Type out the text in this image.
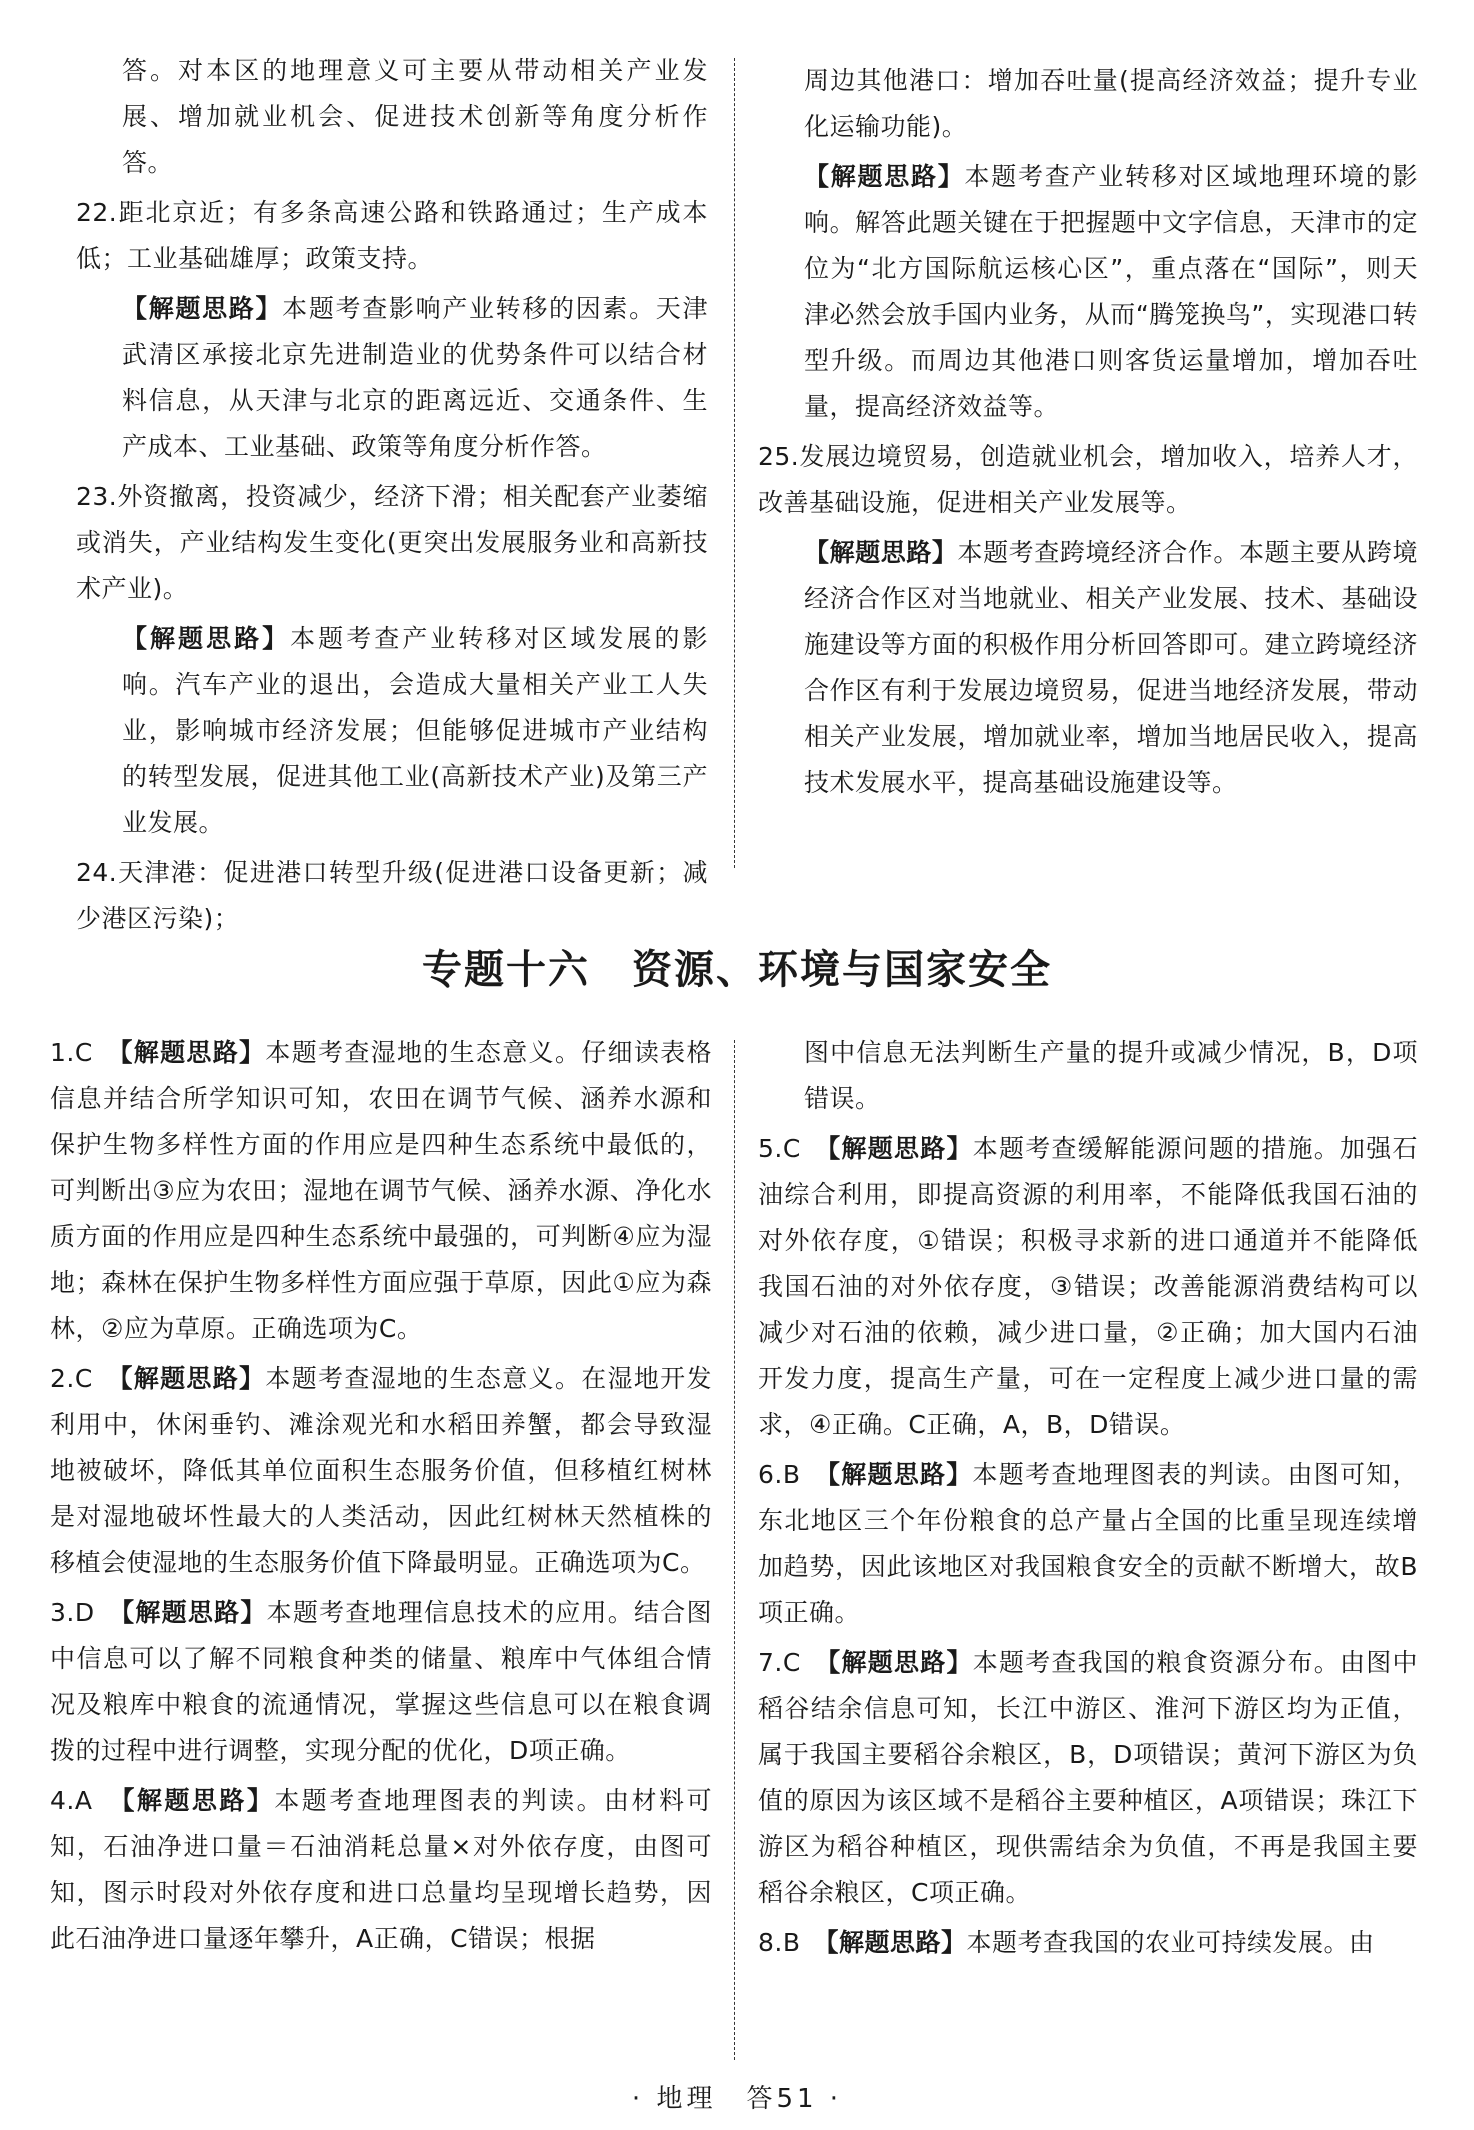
答。对本区的地理意义可主要从带动相关产业发展、增加就业机会、促进技术创新等角度分析作答。

22.距北京近；有多条高速公路和铁路通过；生产成本低；工业基础雄厚；政策支持。

【解题思路】本题考查影响产业转移的因素。天津武清区承接北京先进制造业的优势条件可以结合材料信息，从天津与北京的距离远近、交通条件、生产成本、工业基础、政策等角度分析作答。

23.外资撤离，投资减少，经济下滑；相关配套产业萎缩或消失，产业结构发生变化(更突出发展服务业和高新技术产业)。

【解题思路】本题考查产业转移对区域发展的影响。汽车产业的退出，会造成大量相关产业工人失业，影响城市经济发展；但能够促进城市产业结构的转型发展，促进其他工业(高新技术产业)及第三产业发展。

24.天津港：促进港口转型升级(促进港口设备更新；减少港区污染)；

周边其他港口：增加吞吐量(提高经济效益；提升专业化运输功能)。

【解题思路】本题考查产业转移对区域地理环境的影响。解答此题关键在于把握题中文字信息，天津市的定位为“北方国际航运核心区”，重点落在“国际”，则天津必然会放手国内业务，从而“腾笼换鸟”，实现港口转型升级。而周边其他港口则客货运量增加，增加吞吐量，提高经济效益等。

25.发展边境贸易，创造就业机会，增加收入，培养人才，改善基础设施，促进相关产业发展等。

【解题思路】本题考查跨境经济合作。本题主要从跨境经济合作区对当地就业、相关产业发展、技术、基础设施建设等方面的积极作用分析回答即可。建立跨境经济合作区有利于发展边境贸易，促进当地经济发展，带动相关产业发展，增加就业率，增加当地居民收入，提高技术发展水平，提高基础设施建设等。

专题十六　资源、环境与国家安全

1.C　 【解题思路】本题考查湿地的生态意义。仔细读表格信息并结合所学知识可知，农田在调节气候、涵养水源和保护生物多样性方面的作用应是四种生态系统中最低的，可判断出③应为农田；湿地在调节气候、涵养水源、净化水质方面的作用应是四种生态系统中最强的，可判断④应为湿地；森林在保护生物多样性方面应强于草原，因此①应为森林，②应为草原。正确选项为C。

2.C　 【解题思路】本题考查湿地的生态意义。在湿地开发利用中，休闲垂钓、滩涂观光和水稻田养蟹，都会导致湿地被破坏，降低其单位面积生态服务价值，但移植红树林是对湿地破坏性最大的人类活动，因此红树林天然植株的移植会使湿地的生态服务价值下降最明显。正确选项为C。

3.D　 【解题思路】本题考查地理信息技术的应用。结合图中信息可以了解不同粮食种类的储量、粮库中气体组合情况及粮库中粮食的流通情况，掌握这些信息可以在粮食调拨的过程中进行调整，实现分配的优化，D项正确。

4.A　 【解题思路】本题考查地理图表的判读。由材料可知，石油净进口量＝石油消耗总量×对外依存度，由图可知，图示时段对外依存度和进口总量均呈现增长趋势，因此石油净进口量逐年攀升，A正确，C错误；根据

图中信息无法判断生产量的提升或减少情况，B，D项错误。

5.C　 【解题思路】本题考查缓解能源问题的措施。加强石油综合利用，即提高资源的利用率，不能降低我国石油的对外依存度，①错误；积极寻求新的进口通道并不能降低我国石油的对外依存度，③错误；改善能源消费结构可以减少对石油的依赖，减少进口量，②正确；加大国内石油开发力度，提高生产量，可在一定程度上减少进口量的需求，④正确。C正确，A，B，D错误。

6.B　 【解题思路】本题考查地理图表的判读。由图可知，东北地区三个年份粮食的总产量占全国的比重呈现连续增加趋势，因此该地区对我国粮食安全的贡献不断增大，故B项正确。

7.C　 【解题思路】本题考查我国的粮食资源分布。由图中稻谷结余信息可知，长江中游区、淮河下游区均为正值，属于我国主要稻谷余粮区，B，D项错误；黄河下游区为负值的原因为该区域不是稻谷主要种植区，A项错误；珠江下游区为稻谷种植区，现供需结余为负值，不再是我国主要稻谷余粮区，C项正确。

8.B　 【解题思路】本题考查我国的农业可持续发展。由

· 地理　答51 ·
